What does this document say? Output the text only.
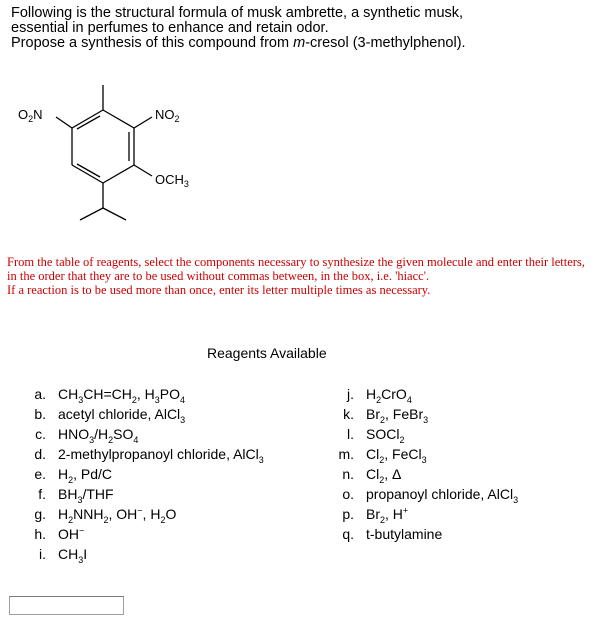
Following is the structural formula of musk ambrette, a synthetic musk,
essential in perfumes to enhance and retain odor.
Propose a synthesis of this compound from m-cresol (3-methylphenol).
$O_2N$	$NO_2$
$OCH_3$
From the table of reagents, select the components necessary to synthesize the given molecule and enter their letters, in the order that they are to be used without commas between, in the box, i.e. 'hiacc'.
If a reaction is to be used more than once, enter its letter multiple times as necessary.
Reagents Available
a. $CH_3CH=CH_2$, $H_3PO_4$
b. acetyl chloride, AlCl$_3$
c. $HNO_3/H_2SO_4$
d. 2-methylpropanoyl chloride, AlCl$_3$
e. $H_2$, Pd/C
f. $BH_3$/THF
g. $H_2NNH_2$, OH−, $H_2O$
h. OH−
i. $CH_3I$
j. $H_2CrO_4$
k. $Br_2$, FeBr$_3$
l. SOCl$_2$
m. $Cl_2$, FeCl$_3$
n. $Cl_2$, Δ
o. propanoyl chloride, AlCl$_3$
p. $Br_2$, H+
q. t-butylamine
